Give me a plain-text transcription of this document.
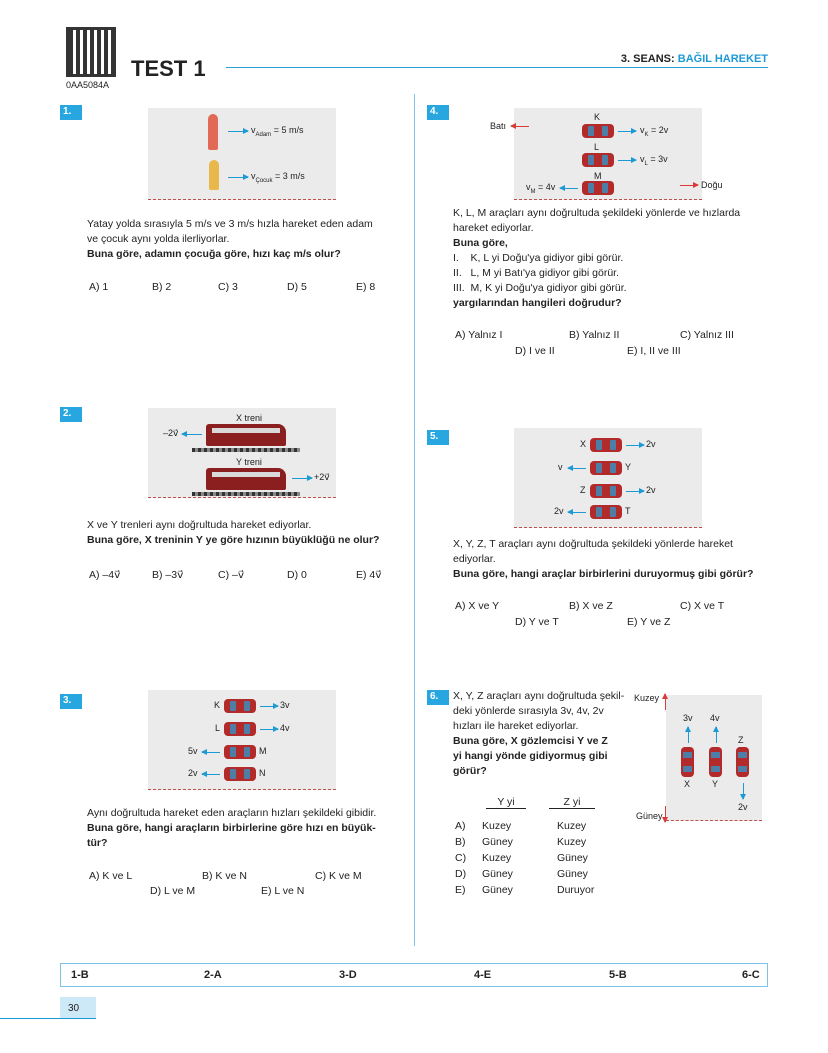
0AA5084A
TEST 1	3. SEANS: BAĞIL HAREKET
1.
$v_{Adam} = 5$ m/s
$v_{Çocuk} = 3$ m/s
Yatay yolda sırasıyla 5 m/s ve 3 m/s hızla hareket eden adam
ve çocuk aynı yolda ilerliyorlar.
Buna göre, adamın çocuğa göre, hızı kaç m/s olur?
A) 1	B) 2	C) 3	D) 5	E) 8
2.	X treni
–2v⃗
Y treni
+2v⃗
X ve Y trenleri aynı doğrultuda hareket ediyorlar.
Buna göre, X treninin Y ye göre hızının büyüklüğü ne olur?
A) –4v⃗	B) –3v⃗	C) –v⃗	D) 0	E) 4v⃗
3.	K	3v
L	4v
5v	M
2v	N
Aynı doğrultuda hareket eden araçların hızları şekildeki gibidir.
Buna göre, hangi araçların birbirlerine göre hızı en büyük-
tür?
A) K ve L	B) K ve N	C) K ve M
D) L ve M	E) L ve N
4.
Batı
K
$v_K = 2v$
L
$v_L = 3v$
M
$v_M = 4v$	Doğu
K, L, M araçları aynı doğrultuda şekildeki yönlerde ve hızlarda
hareket ediyorlar.
Buna göre,
I.    K, L yi Doğu'ya gidiyor gibi görür.
II.   L, M yi Batı'ya gidiyor gibi görür.
III.  M, K yi Doğu'ya gidiyor gibi görür.
yargılarından hangileri doğrudur?
A) Yalnız I	B) Yalnız II	C) Yalnız III
D) I ve II	E) I, II ve III
5.
X	2v
v	Y
Z	2v
2v	T
X, Y, Z, T araçları aynı doğrultuda şekildeki yönlerde hareket
ediyorlar.
Buna göre, hangi araçlar birbirlerini duruyormuş gibi görür?
A) X ve Y	B) X ve Z	C) X ve T
D) Y ve T	E) Y ve Z
6.	X, Y, Z araçları aynı doğrultuda şekil-
deki yönlerde sırasıyla 3v, 4v, 2v
hızları ile hareket ediyorlar.
Buna göre, X gözlemcisi Y ve Z
yi hangi yönde gidiyormuş gibi
görür?
3v
X
4v
Y
Z
2v
Kuzey
Güney
Y yi	Z yi
A) Kuzey	Kuzey
B) Güney	Kuzey
C) Kuzey	Güney
D) Güney	Güney
E) Güney	Duruyor
1-B	2-A	3-D	4-E	5-B	6-C
30
